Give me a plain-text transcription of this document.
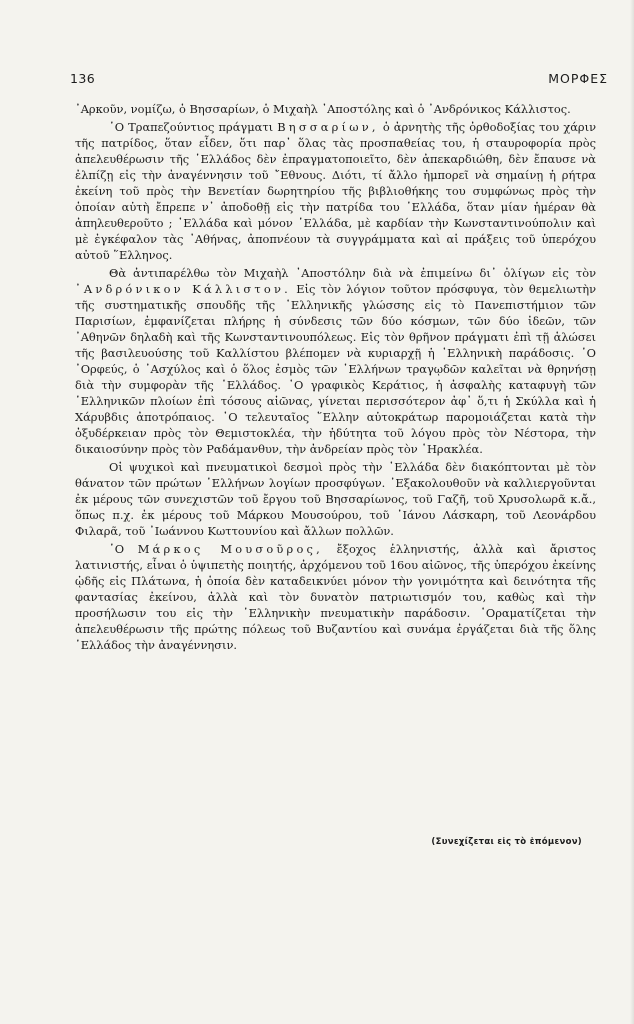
136	ΜΟΡΦΕΣ

᾿Αρκοῦν, νομίζω, ὁ Βησσαρίων, ὁ Μιχαὴλ ᾿Αποστόλης καὶ ὁ ᾿Ανδρόνικος Κάλλιστος.

῾Ο Τραπεζούντιος πράγματι Βησσαρίων, ὁ ἀρνητὴς τῆς ὀρθοδοξίας του χάριν τῆς πατρίδος, ὅταν εἶδεν, ὅτι παρ᾿ ὅλας τὰς προσπαθείας του, ἡ σταυροφορία πρὸς ἀπελευθέρωσιν τῆς ῾Ελλάδος δὲν ἐπραγματοποιεῖτο, δὲν ἀπεκαρδιώθη, δὲν ἔπαυσε νὰ ἐλπίζῃ εἰς τὴν ἀναγέννησιν τοῦ ῎Εθνους. Διότι, τί ἄλλο ἠμπορεῖ νὰ σημαίνῃ ἡ ρήτρα ἐκείνη τοῦ πρὸς τὴν Βενετίαν δωρητηρίου τῆς βιβλιοθήκης του συμφώνως πρὸς τὴν ὁποίαν αὐτὴ ἔπρεπε ν᾿ ἀποδοθῇ εἰς τὴν πατρίδα του ῾Ελλάδα, ὅταν μίαν ἡμέραν θὰ ἀπηλευθεροῦτο ; ῾Ελλάδα καὶ μόνον ῾Ελλάδα, μὲ καρδίαν τὴν Κωνσταντινούπολιν καὶ μὲ ἐγκέφαλον τὰς ᾿Αθήνας, ἀποπνέουν τὰ συγγράμματα καὶ αἱ πράξεις τοῦ ὑπερόχου αὐτοῦ ῞Ελληνος.

Θὰ ἀντιπαρέλθω τὸν Μιχαὴλ ᾿Αποστόλην διὰ νὰ ἐπιμείνω δι᾿ ὀλίγων εἰς τὸν ᾿Ανδρόνικον Κάλλιστον. Εἰς τὸν λόγιον τοῦτον πρόσφυγα, τὸν θεμελιωτὴν τῆς συστηματικῆς σπουδῆς τῆς ῾Ελληνικῆς γλώσσης εἰς τὸ Πανεπιστήμιον τῶν Παρισίων, ἐμφανίζεται πλήρης ἡ σύνδεσις τῶν δύο κόσμων, τῶν δύο ἰδεῶν, τῶν ᾿Αθηνῶν δηλαδὴ καὶ τῆς Κωνσταντινουπόλεως. Εἰς τὸν θρῆνον πράγματι ἐπὶ τῇ ἁλώσει τῆς βασιλευούσης τοῦ Καλλίστου βλέπομεν νὰ κυριαρχῇ ἡ ῾Ελληνικὴ παράδοσις. ῾Ο ᾿Ορφεύς, ὁ ᾿Ασχύλος καὶ ὁ ὅλος ἐσμὸς τῶν ῾Ελλήνων τραγῳδῶν καλεῖται νὰ θρηνήσῃ διὰ τὴν συμφορὰν τῆς ῾Ελλάδος. ῾Ο γραφικὸς Κεράτιος, ἡ ἀσφαλὴς καταφυγὴ τῶν ῾Ελληνικῶν πλοίων ἐπὶ τόσους αἰῶνας, γίνεται περισσότερον ἀφ᾿ ὅ,τι ἡ Σκύλλα καὶ ἡ Χάρυβδις ἀποτρόπαιος. ῾Ο τελευταῖος ῞Ελλην αὐτοκράτωρ παρομοιάζεται κατὰ τὴν ὀξυδέρκειαν πρὸς τὸν Θεμιστοκλέα, τὴν ἡδύτητα τοῦ λόγου πρὸς τὸν Νέστορα, τὴν δικαιοσύνην πρὸς τὸν Ραδάμανθυν, τὴν ἀνδρείαν πρὸς τὸν ῾Ηρακλέα.

Οἱ ψυχικοὶ καὶ πνευματικοὶ δεσμοὶ πρὸς τὴν ῾Ελλάδα δὲν διακόπτονται μὲ τὸν θάνατον τῶν πρώτων ῾Ελλήνων λογίων προσφύγων. ᾿Εξακολουθοῦν νὰ καλλιεργοῦνται ἐκ μέρους τῶν συνεχιστῶν τοῦ ἔργου τοῦ Βησσαρίωνος, τοῦ Γαζῆ, τοῦ Χρυσολωρᾶ κ.ἄ., ὅπως π.χ. ἐκ μέρους τοῦ Μάρκου Μουσούρου, τοῦ ᾿Ιάνου Λάσκαρη, τοῦ Λεονάρδου Φιλαρᾶ, τοῦ ᾿Ιωάννου Κωττουνίου καὶ ἄλλων πολλῶν.

῾Ο Μάρκος Μουσοῦρος, ἔξοχος ἑλληνιστής, ἀλλὰ καὶ ἄριστος λατινιστής, εἶναι ὁ ὑψιπετὴς ποιητής, ἀρχόμενου τοῦ 16ου αἰῶνος, τῆς ὑπερόχου ἐκείνης ᾠδῆς εἰς Πλάτωνα, ἡ ὁποία δὲν καταδεικνύει μόνον τὴν γονιμότητα καὶ δεινότητα τῆς φαντασίας ἐκείνου, ἀλλὰ καὶ τὸν δυνατὸν πατριωτισμόν του, καθὼς καὶ τὴν προσήλωσιν του εἰς τὴν ῾Ελληνικὴν πνευματικὴν παράδοσιν. ῾Οραματίζεται τὴν ἀπελευθέρωσιν τῆς πρώτης πόλεως τοῦ Βυζαντίου καὶ συνάμα ἐργάζεται διὰ τῆς ὅλης ῾Ελλάδος τὴν ἀναγέννησιν.

(Συνεχίζεται εἰς τὸ ἑπόμενον)
